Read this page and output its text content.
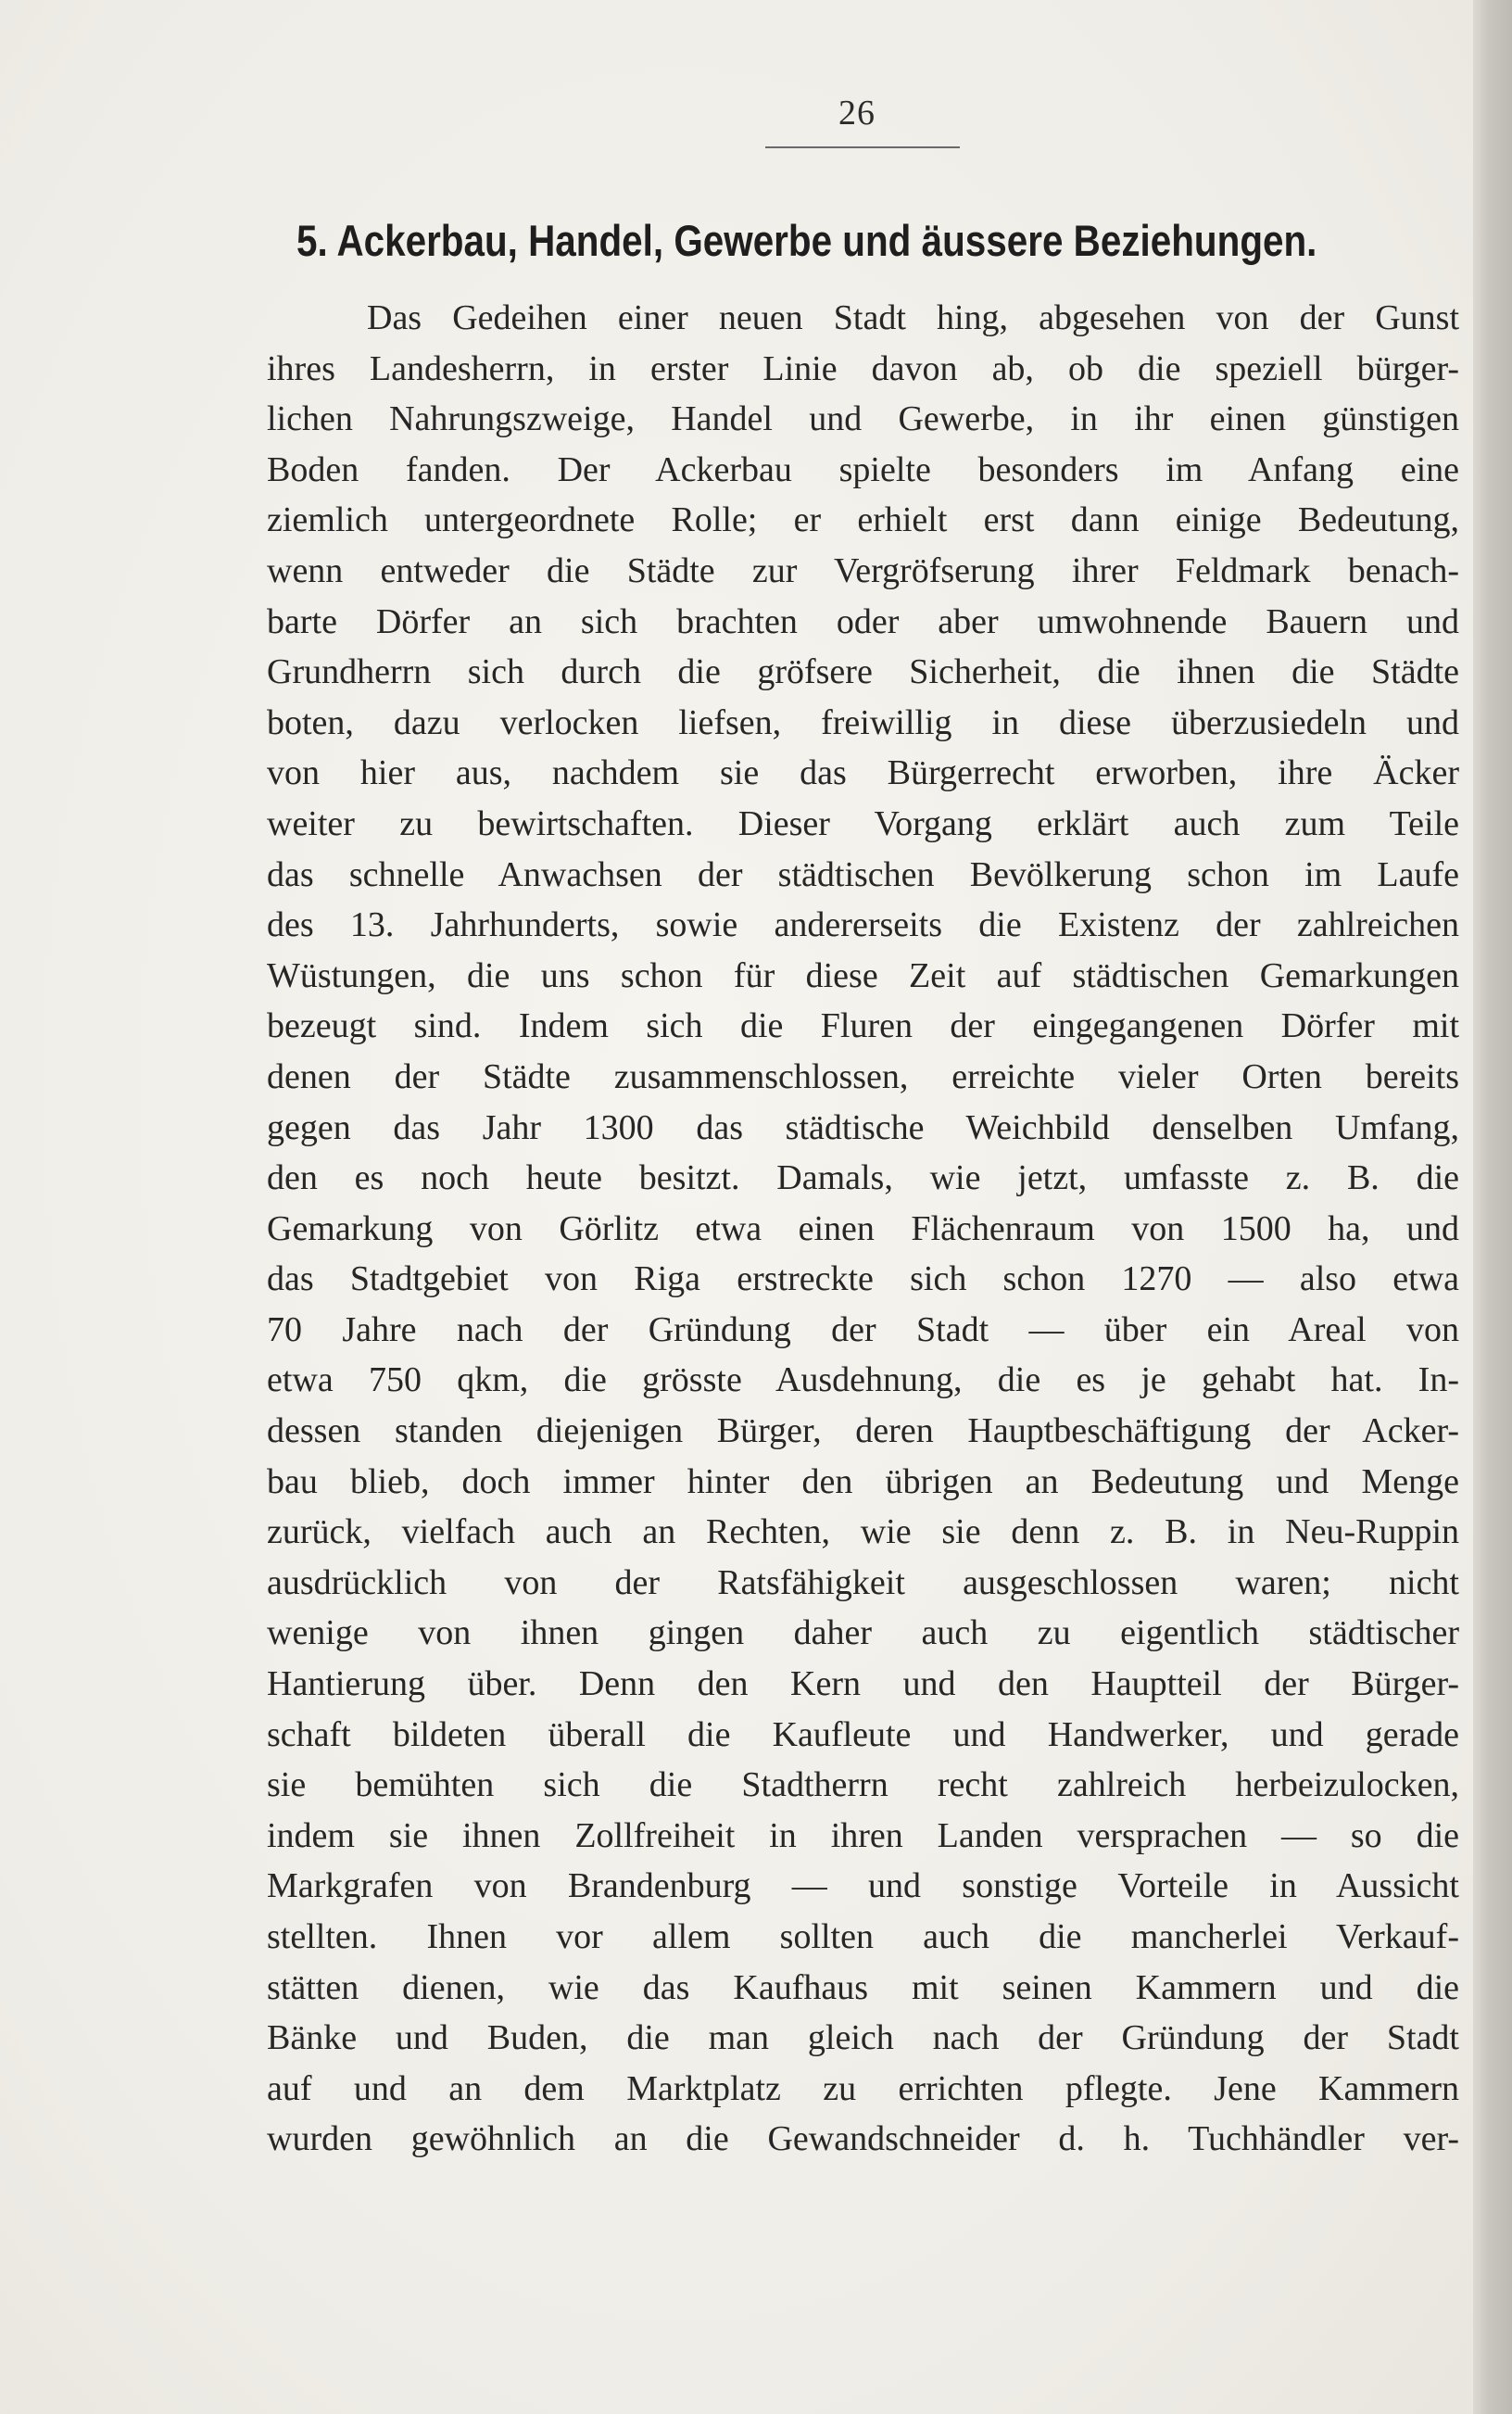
26
5. Ackerbau, Handel, Gewerbe und äussere Beziehungen.
Das Gedeihen einer neuen Stadt hing, abgesehen von der Gunst
ihres Landesherrn, in erster Linie davon ab, ob die speziell bürger-
lichen Nahrungszweige, Handel und Gewerbe, in ihr einen günstigen
Boden fanden. Der Ackerbau spielte besonders im Anfang eine
ziemlich untergeordnete Rolle; er erhielt erst dann einige Bedeutung,
wenn entweder die Städte zur Vergröfserung ihrer Feldmark benach-
barte Dörfer an sich brachten oder aber umwohnende Bauern und
Grundherrn sich durch die gröfsere Sicherheit, die ihnen die Städte
boten, dazu verlocken liefsen, freiwillig in diese überzusiedeln und
von hier aus, nachdem sie das Bürgerrecht erworben, ihre Äcker
weiter zu bewirtschaften. Dieser Vorgang erklärt auch zum Teile
das schnelle Anwachsen der städtischen Bevölkerung schon im Laufe
des 13. Jahrhunderts, sowie andererseits die Existenz der zahlreichen
Wüstungen, die uns schon für diese Zeit auf städtischen Gemarkungen
bezeugt sind. Indem sich die Fluren der eingegangenen Dörfer mit
denen der Städte zusammenschlossen, erreichte vieler Orten bereits
gegen das Jahr 1300 das städtische Weichbild denselben Umfang,
den es noch heute besitzt. Damals, wie jetzt, umfasste z. B. die
Gemarkung von Görlitz etwa einen Flächenraum von 1500 ha, und
das Stadtgebiet von Riga erstreckte sich schon 1270 — also etwa
70 Jahre nach der Gründung der Stadt — über ein Areal von
etwa 750 qkm, die grösste Ausdehnung, die es je gehabt hat. In-
dessen standen diejenigen Bürger, deren Hauptbeschäftigung der Acker-
bau blieb, doch immer hinter den übrigen an Bedeutung und Menge
zurück, vielfach auch an Rechten, wie sie denn z. B. in Neu-Ruppin
ausdrücklich von der Ratsfähigkeit ausgeschlossen waren; nicht
wenige von ihnen gingen daher auch zu eigentlich städtischer
Hantierung über. Denn den Kern und den Hauptteil der Bürger-
schaft bildeten überall die Kaufleute und Handwerker, und gerade
sie bemühten sich die Stadtherrn recht zahlreich herbeizulocken,
indem sie ihnen Zollfreiheit in ihren Landen versprachen — so die
Markgrafen von Brandenburg — und sonstige Vorteile in Aussicht
stellten. Ihnen vor allem sollten auch die mancherlei Verkauf-
stätten dienen, wie das Kaufhaus mit seinen Kammern und die
Bänke und Buden, die man gleich nach der Gründung der Stadt
auf und an dem Marktplatz zu errichten pflegte. Jene Kammern
wurden gewöhnlich an die Gewandschneider d. h. Tuchhändler ver-
